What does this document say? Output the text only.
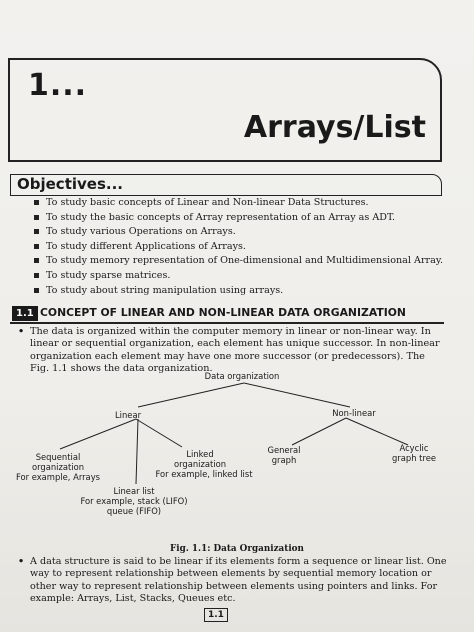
1...
Arrays/List
Objectives...
To study basic concepts of Linear and Non-linear Data Structures.
To study the basic concepts of Array representation of an Array as ADT.
To study various Operations on Arrays.
To study different Applications of Arrays.
To study memory representation of One-dimensional and Multidimensional Array.
To study sparse matrices.
To study about string manipulation using arrays.
1.1 CONCEPT OF LINEAR AND NON-LINEAR DATA ORGANIZATION
• The data is organized within the computer memory in linear or non-linear way. In linear or sequential organization, each element has unique successor. In non-linear organization each element may have one more successor (or predecessors). The Fig. 1.1 shows the data organization.
Data organization
Linear	Non-linear
Sequential
organization
For example, Arrays
Linked
organization
For example, linked list
Linear list
For example, stack (LIFO)
queue (FIFO)
General
graph
Acyclic
graph tree
Fig. 1.1: Data Organization
• A data structure is said to be linear if its elements form a sequence or linear list. One way to represent relationship between elements by sequential memory location or other way to represent relationship between elements using pointers and links. For example: Arrays, List, Stacks, Queues etc.
1.1
